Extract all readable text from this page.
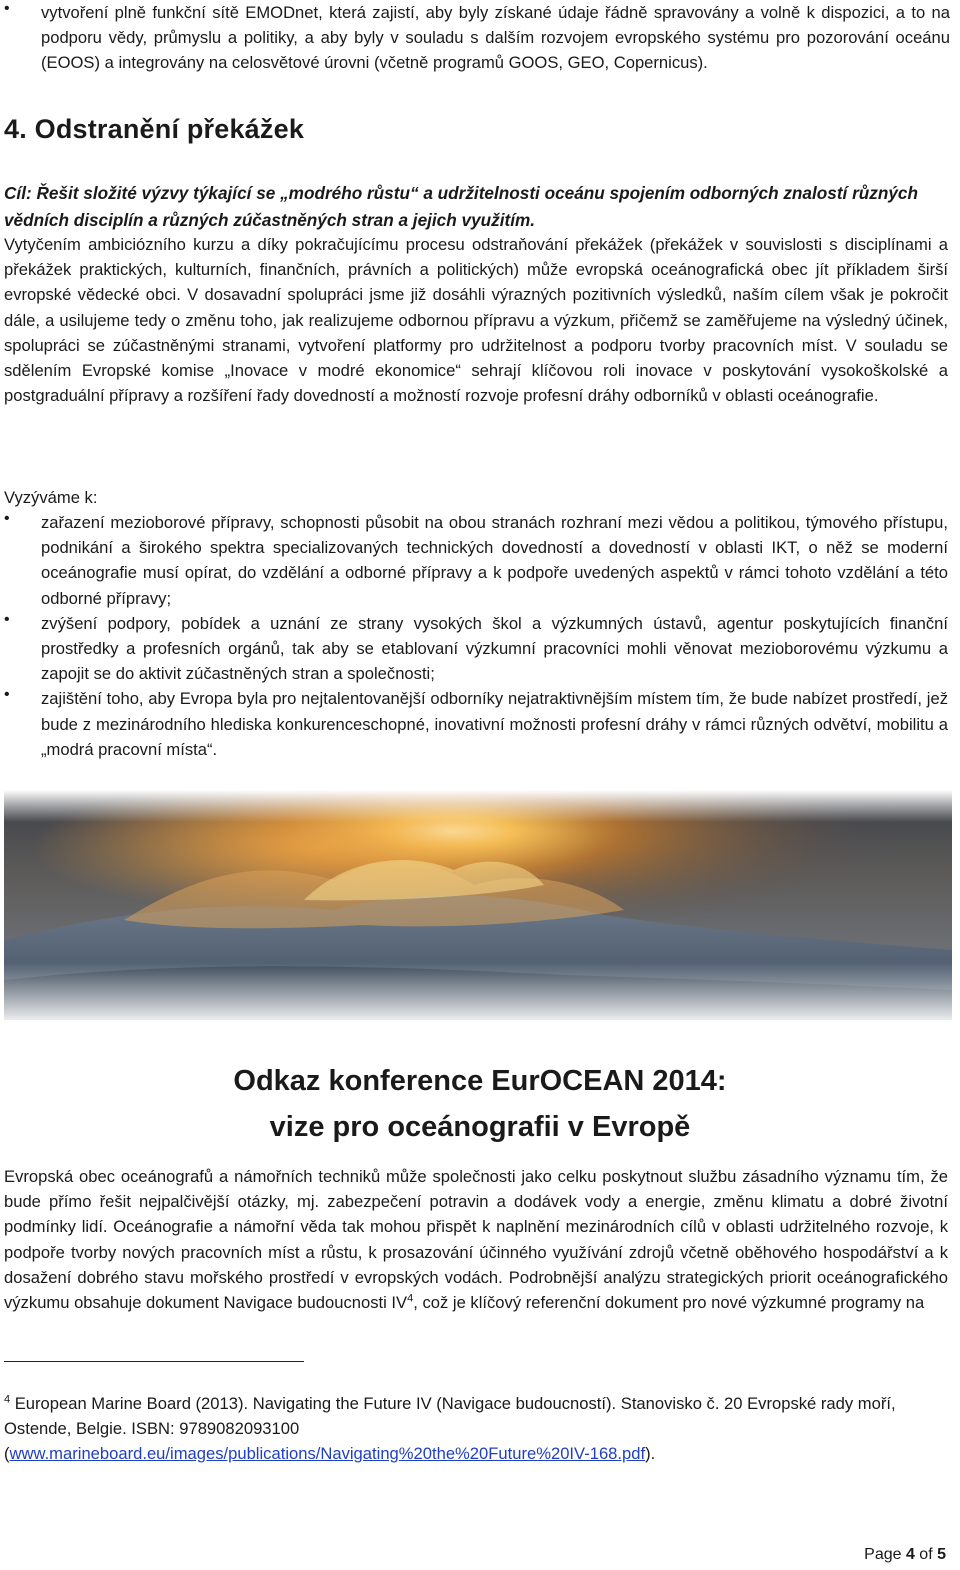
• vytvoření plně funkční sítě EMODnet, která zajistí, aby byly získané údaje řádně spravovány a volně k dispozici, a to na podporu vědy, průmyslu a politiky, a aby byly v souladu s dalším rozvojem evropského systému pro pozorování oceánu (EOOS) a integrovány na celosvětové úrovni (včetně programů GOOS, GEO, Copernicus).

4. Odstranění překážek

Cíl: Řešit složité výzvy týkající se „modrého růstu“ a udržitelnosti oceánu spojením odborných znalostí různých vědních disciplín a různých zúčastněných stran a jejich využitím.

Vytyčením ambiciózního kurzu a díky pokračujícímu procesu odstraňování překážek (překážek v souvislosti s disciplínami a překážek praktických, kulturních, finančních, právních a politických) může evropská oceánografická obec jít příkladem širší evropské vědecké obci. V dosavadní spolupráci jsme již dosáhli výrazných pozitivních výsledků, naším cílem však je pokročit dále, a usilujeme tedy o změnu toho, jak realizujeme odbornou přípravu a výzkum, přičemž se zaměřujeme na výsledný účinek, spolupráci se zúčastněnými stranami, vytvoření platformy pro udržitelnost a podporu tvorby pracovních míst. V souladu se sdělením Evropské komise „Inovace v modré ekonomice“ sehrají klíčovou roli inovace v poskytování vysokoškolské a postgraduální přípravy a rozšíření řady dovedností a možností rozvoje profesní dráhy odborníků v oblasti oceánografie.

Vyzýváme k:

• zařazení mezioborové přípravy, schopnosti působit na obou stranách rozhraní mezi vědou a politikou, týmového přístupu, podnikání a širokého spektra specializovaných technických dovedností a dovedností v oblasti IKT, o něž se moderní oceánografie musí opírat, do vzdělání a odborné přípravy a k podpoře uvedených aspektů v rámci tohoto vzdělání a této odborné přípravy;

• zvýšení podpory, pobídek a uznání ze strany vysokých škol a výzkumných ústavů, agentur poskytujících finanční prostředky a profesních orgánů, tak aby se etablovaní výzkumní pracovníci mohli věnovat mezioborovému výzkumu a zapojit se do aktivit zúčastněných stran a společnosti;

• zajištění toho, aby Evropa byla pro nejtalentovanější odborníky nejatraktivnějším místem tím, že bude nabízet prostředí, jež bude z mezinárodního hlediska konkurenceschopné, inovativní možnosti profesní dráhy v rámci různých odvětví, mobilitu a „modrá pracovní místa“.

Odkaz konference EurOCEAN 2014:
vize pro oceánografii v Evropě

Evropská obec oceánografů a námořních techniků může společnosti jako celku poskytnout službu zásadního významu tím, že bude přímo řešit nejpalčivější otázky, mj. zabezpečení potravin a dodávek vody a energie, změnu klimatu a dobré životní podmínky lidí. Oceánografie a námořní věda tak mohou přispět k naplnění mezinárodních cílů v oblasti udržitelného rozvoje, k podpoře tvorby nových pracovních míst a růstu, k prosazování účinného využívání zdrojů včetně oběhového hospodářství a k dosažení dobrého stavu mořského prostředí v evropských vodách. Podrobnější analýzu strategických priorit oceánografického výzkumu obsahuje dokument Navigace budoucnosti $IV^4$, což je klíčový referenční dokument pro nové výzkumné programy na

$^4$ European Marine Board (2013). Navigating the Future IV (Navigace budoucností). Stanovisko č. 20 Evropské rady moří, Ostende, Belgie. ISBN: 9789082093100
(www.marineboard.eu/images/publications/Navigating%20the%20Future%20IV-168.pdf).

Page 4 of 5
